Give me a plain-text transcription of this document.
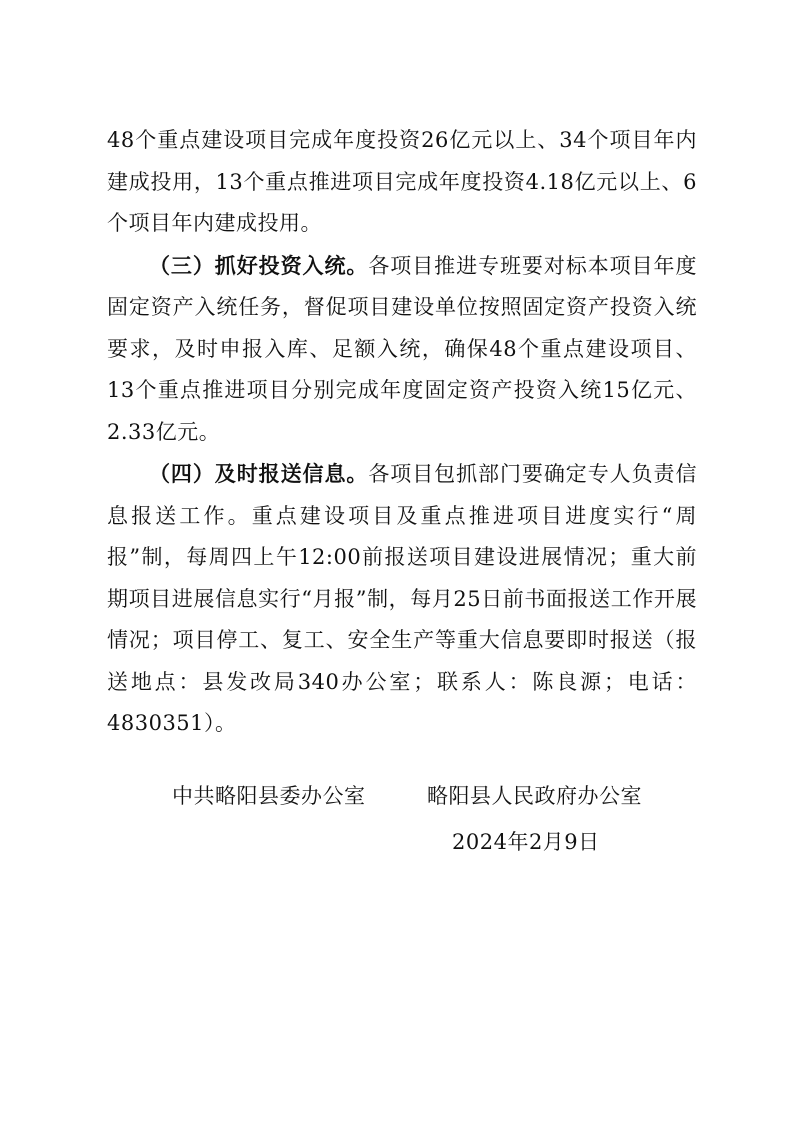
48个重点建设项目完成年度投资26亿元以上、34个项目年内建成投用，13个重点推进项目完成年度投资4.18亿元以上、6个项目年内建成投用。

（三）抓好投资入统。各项目推进专班要对标本项目年度固定资产入统任务，督促项目建设单位按照固定资产投资入统要求，及时申报入库、足额入统，确保48个重点建设项目、13个重点推进项目分别完成年度固定资产投资入统15亿元、2.33亿元。

（四）及时报送信息。各项目包抓部门要确定专人负责信息报送工作。重点建设项目及重点推进项目进度实行“周报”制，每周四上午12:00前报送项目建设进展情况；重大前期项目进展信息实行“月报”制，每月25日前书面报送工作开展情况；项目停工、复工、安全生产等重大信息要即时报送（报送地点：县发改局340办公室；联系人：陈良源；电话：4830351）。

中共略阳县委办公室	略阳县人民政府办公室
2024年2月9日
